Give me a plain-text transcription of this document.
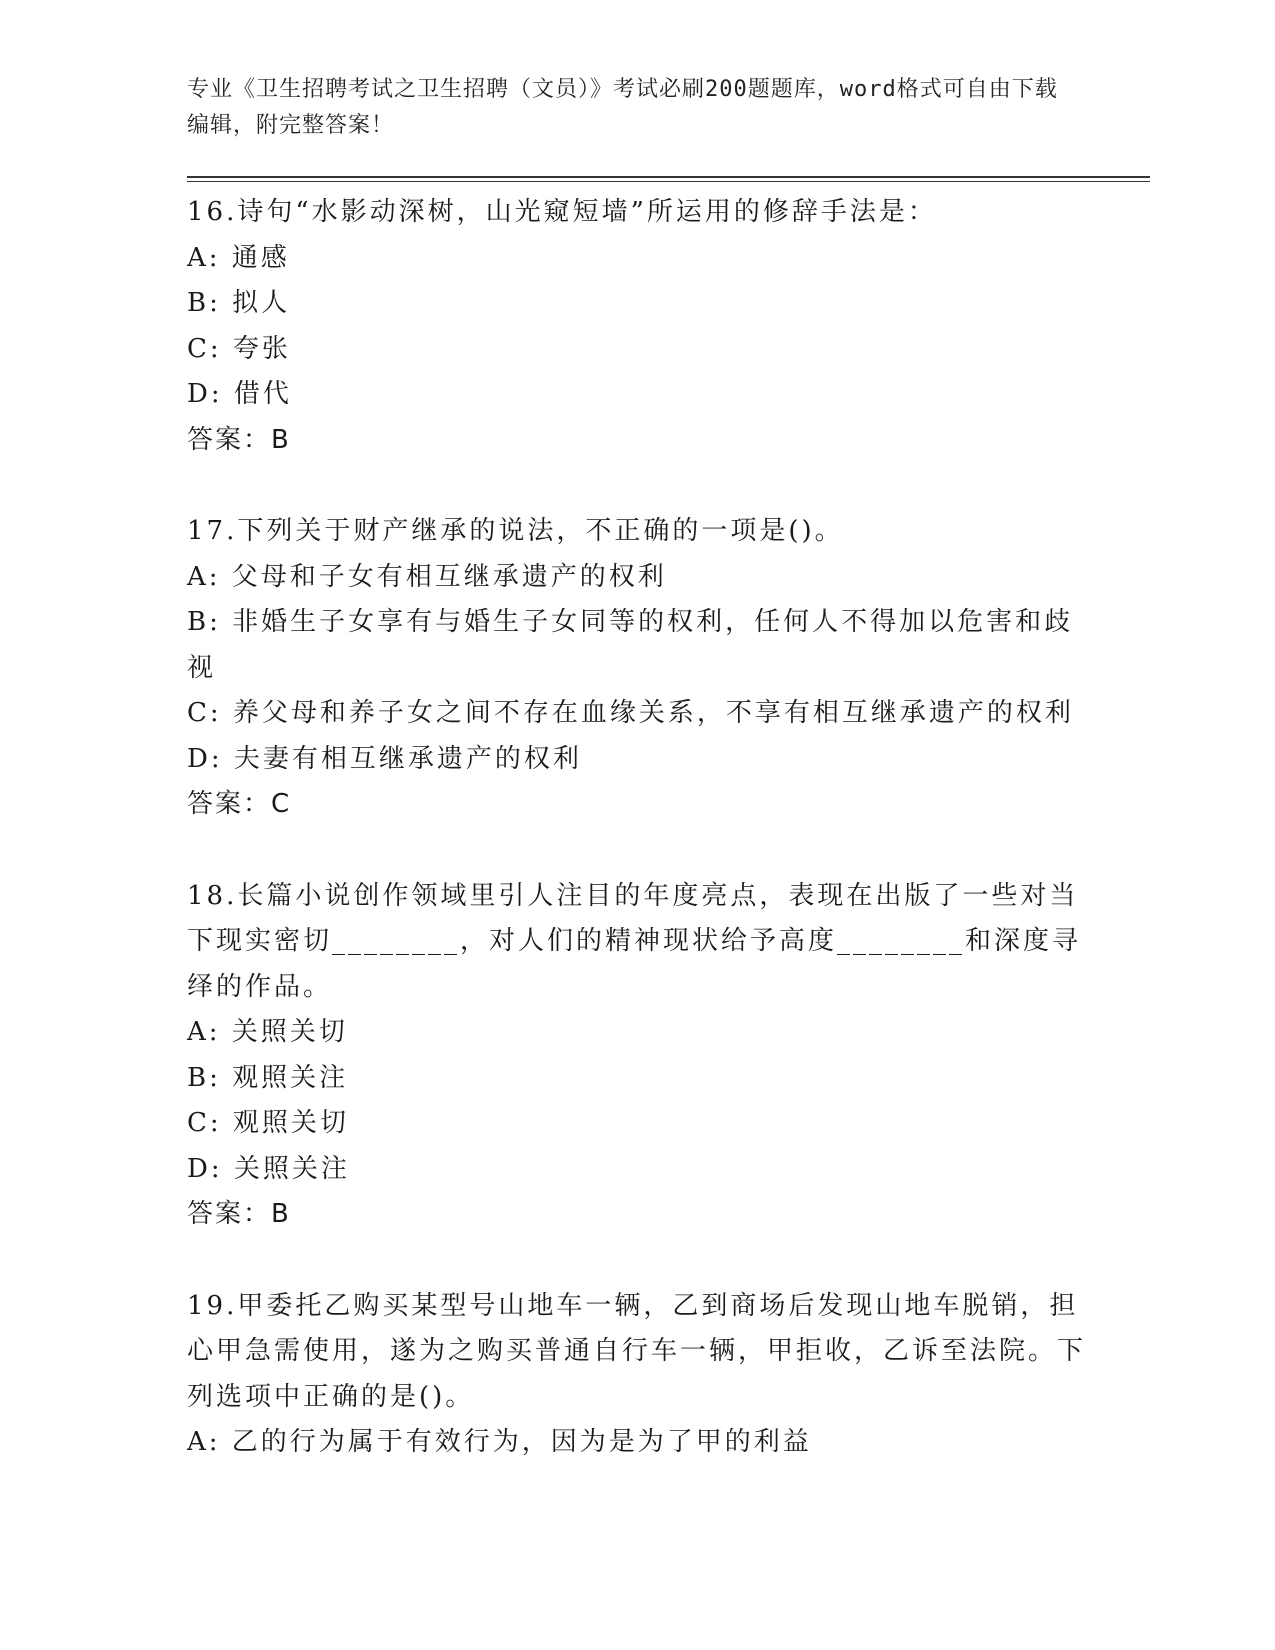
专业《卫生招聘考试之卫生招聘（文员）》考试必刷200题题库，word格式可自由下载编辑，附完整答案！
16.诗句“水影动深树，山光窥短墙”所运用的修辞手法是：
A: 通感
B: 拟人
C: 夸张
D: 借代
答案：B
17.下列关于财产继承的说法，不正确的一项是()。
A: 父母和子女有相互继承遗产的权利
B: 非婚生子女享有与婚生子女同等的权利，任何人不得加以危害和歧视
C: 养父母和养子女之间不存在血缘关系，不享有相互继承遗产的权利
D: 夫妻有相互继承遗产的权利
答案：C
18.长篇小说创作领域里引人注目的年度亮点，表现在出版了一些对当下现实密切________，对人们的精神现状给予高度________和深度寻绎的作品。
A: 关照关切
B: 观照关注
C: 观照关切
D: 关照关注
答案：B
19.甲委托乙购买某型号山地车一辆，乙到商场后发现山地车脱销，担心甲急需使用，遂为之购买普通自行车一辆，甲拒收，乙诉至法院。下列选项中正确的是()。
A: 乙的行为属于有效行为，因为是为了甲的利益
